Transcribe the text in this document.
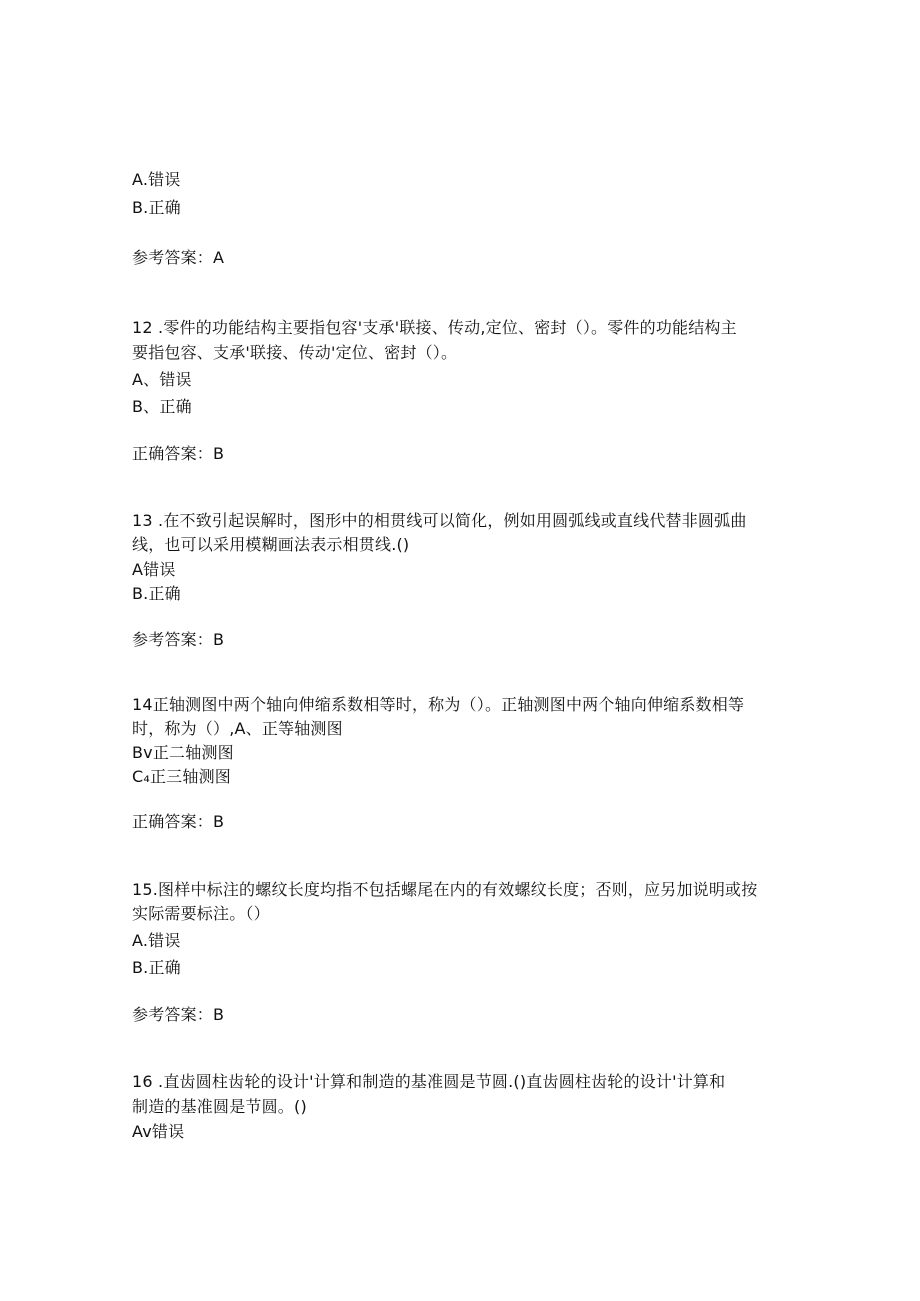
A.错误
B.正确
参考答案：A
12 .零件的功能结构主要指包容'支承'联接、传动,定位、密封（）。零件的功能结构主
要指包容、支承'联接、传动'定位、密封（）。
A、错误
B、正确
正确答案：B
13 .在不致引起误解时，图形中的相贯线可以简化，例如用圆弧线或直线代替非圆弧曲
线，也可以采用模糊画法表示相贯线.()
A错误
B.正确
参考答案：B
14正轴测图中两个轴向伸缩系数相等时，称为（）。正轴测图中两个轴向伸缩系数相等
时，称为（）,A、正等轴测图
Bv正二轴测图
C₄正三轴测图
正确答案：B
15.图样中标注的螺纹长度均指不包括螺尾在内的有效螺纹长度；否则，应另加说明或按
实际需要标注。（）
A.错误
B.正确
参考答案：B
16 .直齿圆柱齿轮的设计'计算和制造的基准圆是节圆.()直齿圆柱齿轮的设计'计算和
制造的基准圆是节圆。()
Av错误
